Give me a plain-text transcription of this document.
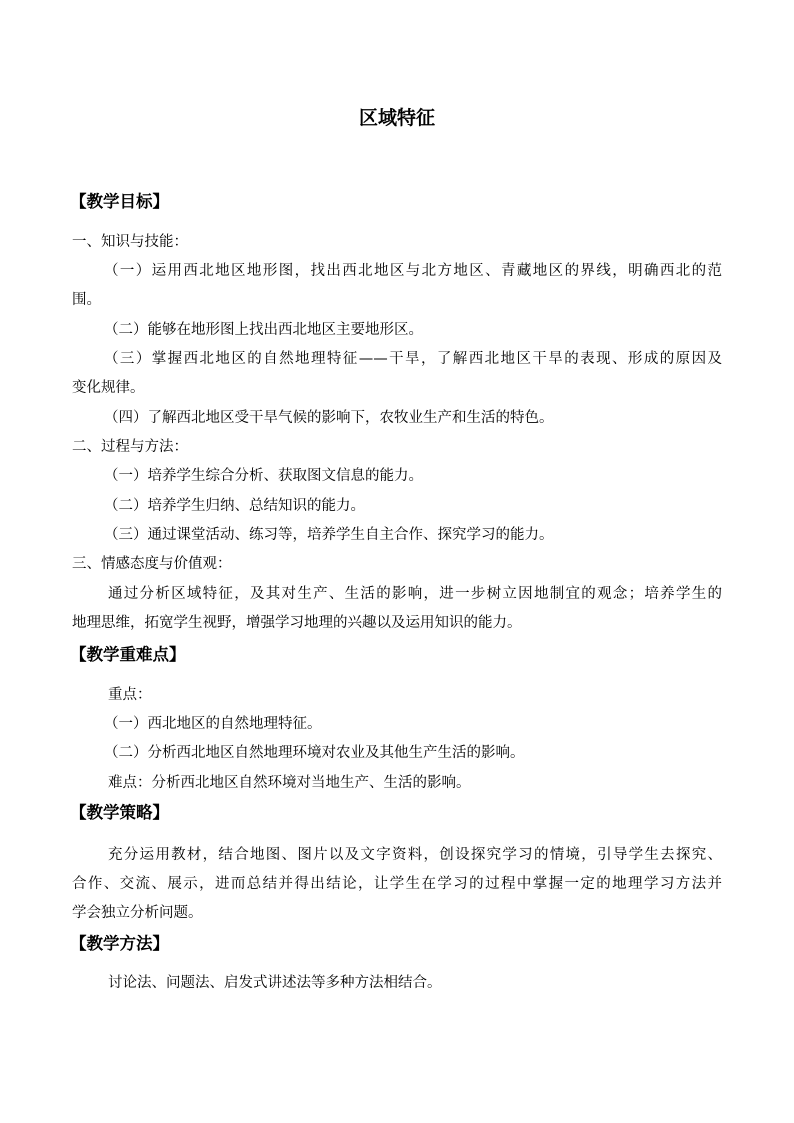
区域特征
【教学目标】
一、知识与技能：
（一）运用西北地区地形图，找出西北地区与北方地区、青藏地区的界线，明确西北的范
围。
（二）能够在地形图上找出西北地区主要地形区。
（三）掌握西北地区的自然地理特征——干旱，了解西北地区干旱的表现、形成的原因及
变化规律。
（四）了解西北地区受干旱气候的影响下，农牧业生产和生活的特色。
二、过程与方法：
（一）培养学生综合分析、获取图文信息的能力。
（二）培养学生归纳、总结知识的能力。
（三）通过课堂活动、练习等，培养学生自主合作、探究学习的能力。
三、情感态度与价值观：
通过分析区域特征，及其对生产、生活的影响，进一步树立因地制宜的观念；培养学生的
地理思维，拓宽学生视野，增强学习地理的兴趣以及运用知识的能力。
【教学重难点】
重点：
（一）西北地区的自然地理特征。
（二）分析西北地区自然地理环境对农业及其他生产生活的影响。
难点：分析西北地区自然环境对当地生产、生活的影响。
【教学策略】
充分运用教材，结合地图、图片以及文字资料，创设探究学习的情境，引导学生去探究、
合作、交流、展示，进而总结并得出结论，让学生在学习的过程中掌握一定的地理学习方法并
学会独立分析问题。
【教学方法】
讨论法、问题法、启发式讲述法等多种方法相结合。
